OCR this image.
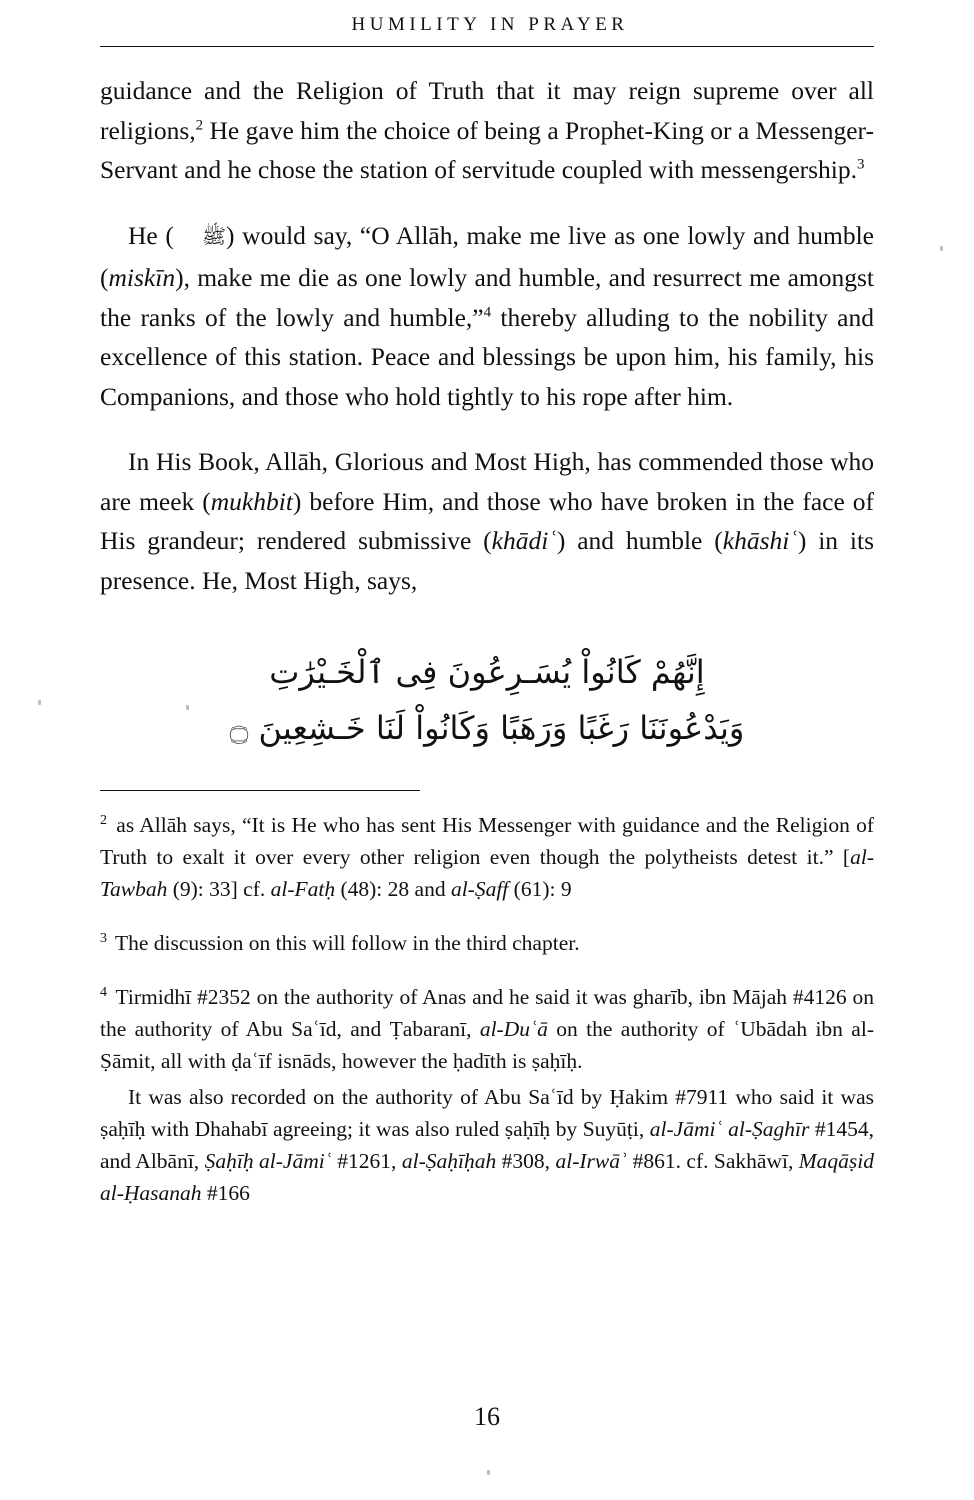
HUMILITY IN PRAYER

guidance and the Religion of Truth that it may reign supreme over all religions,$^2$ He gave him the choice of being a Prophet-King or a Messenger-Servant and he chose the station of servitude coupled with messengership.$^3$

He ( ﷺ) would say, “O Allāh, make me live as one lowly and humble (miskīn), make me die as one lowly and humble, and resurrect me amongst the ranks of the lowly and humble,”$^4$ thereby alluding to the nobility and excellence of this station. Peace and blessings be upon him, his family, his Companions, and those who hold tightly to his rope after him.

In His Book, Allāh, Glorious and Most High, has commended those who are meek (mukhbit) before Him, and those who have broken in the face of His grandeur; rendered submissive (khādiʿ) and humble (khāshiʿ) in its presence. He, Most High, says,

إِنَّهُمْ كَانُواْ يُسَـرِعُونَ فِى ٱلْخَـيْرَٰتِ
وَيَدْعُونَنَا رَغَبًا وَرَهَبًا وَكَانُواْ لَنَا خَـشِعِينَ ۝

$^2$ as Allāh says, “It is He who has sent His Messenger with guidance and the Religion of Truth to exalt it over every other religion even though the polytheists detest it.” [al-Tawbah (9): 33] cf. al-Fatḥ (48): 28 and al-Ṣaff (61): 9

$^3$ The discussion on this will follow in the third chapter.

$^4$ Tirmidhī #2352 on the authority of Anas and he said it was gharīb, ibn Mājah #4126 on the authority of Abu Saʿīd, and Ṭabaranī, al-Duʿā on the authority of ʿUbādah ibn al-Ṣāmit, all with ḍaʿīf isnāds, however the ḥadīth is ṣaḥīḥ.

It was also recorded on the authority of Abu Saʿīd by Ḥakim #7911 who said it was ṣaḥīḥ with Dhahabī agreeing; it was also ruled ṣaḥīḥ by Suyūṭi, al-Jāmiʿ al-Ṣaghīr #1454, and Albānī, Ṣaḥīḥ al-Jāmiʿ #1261, al-Ṣaḥīḥah #308, al-Irwāʾ #861. cf. Sakhāwī, Maqāṣid al-Ḥasanah #166

16
